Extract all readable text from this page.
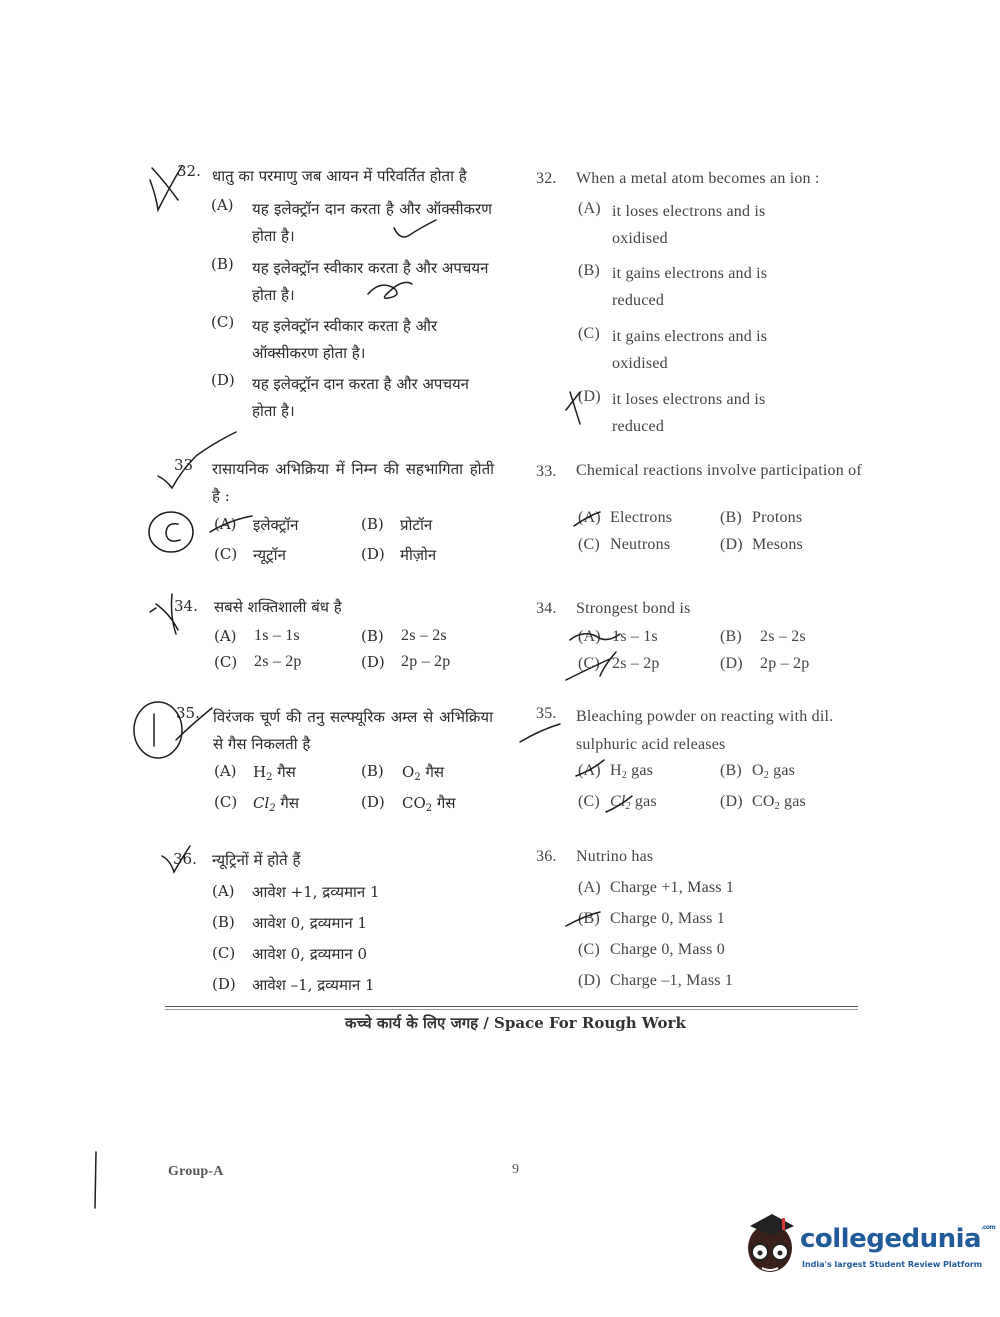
32. धातु का परमाणु जब आयन में परिवर्तित होता है
(A) यह इलेक्ट्रॉन दान करता है और ऑक्सीकरण होता है।
(B) यह इलेक्ट्रॉन स्वीकार करता है और अपचयन होता है।
(C) यह इलेक्ट्रॉन स्वीकार करता है और ऑक्सीकरण होता है।
(D) यह इलेक्ट्रॉन दान करता है और अपचयन होता है।
32. When a metal atom becomes an ion :
(A) it loses electrons and is oxidised
(B) it gains electrons and is reduced
(C) it gains electrons and is oxidised
(D) it loses electrons and is reduced
33 रासायनिक अभिक्रिया में निम्न की सहभागिता होती है :
(A) इलेक्ट्रॉन	(B) प्रोटॉन
(C) न्यूट्रॉन	(D) मीज़ोन
33. Chemical reactions involve participation of
(A) Electrons	(B) Protons
(C) Neutrons	(D) Mesons
34. सबसे शक्तिशाली बंध है
(A) 1s – 1s	(B) 2s – 2s
(C) 2s – 2p	(D) 2p – 2p
34. Strongest bond is
(A) 1s – 1s	(B) 2s – 2s
(C) 2s – 2p	(D) 2p – 2p
35. विरंजक चूर्ण की तनु सल्फ्यूरिक अम्ल से अभिक्रिया से गैस निकलती है
(A) $H_2$ गैस	(B) $O_2$ गैस
(C) $Cl_2$ गैस	(D) $CO_2$ गैस
35. Bleaching powder on reacting with dil. sulphuric acid releases
(A) $H_2$ gas	(B) $O_2$ gas
(C) $Cl_2$ gas	(D) $CO_2$ gas
36. न्यूट्रिनों में होते हैं
(A) आवेश +1, द्रव्यमान 1
(B) आवेश 0, द्रव्यमान 1
(C) आवेश 0, द्रव्यमान 0
(D) आवेश –1, द्रव्यमान 1
36. Nutrino has
(A) Charge +1, Mass 1
(B) Charge 0, Mass 1
(C) Charge 0, Mass 0
(D) Charge –1, Mass 1
कच्चे कार्य के लिए जगह / Space For Rough Work
Group-A	9
collegedunia$^{.com}$
India's largest Student Review Platform
